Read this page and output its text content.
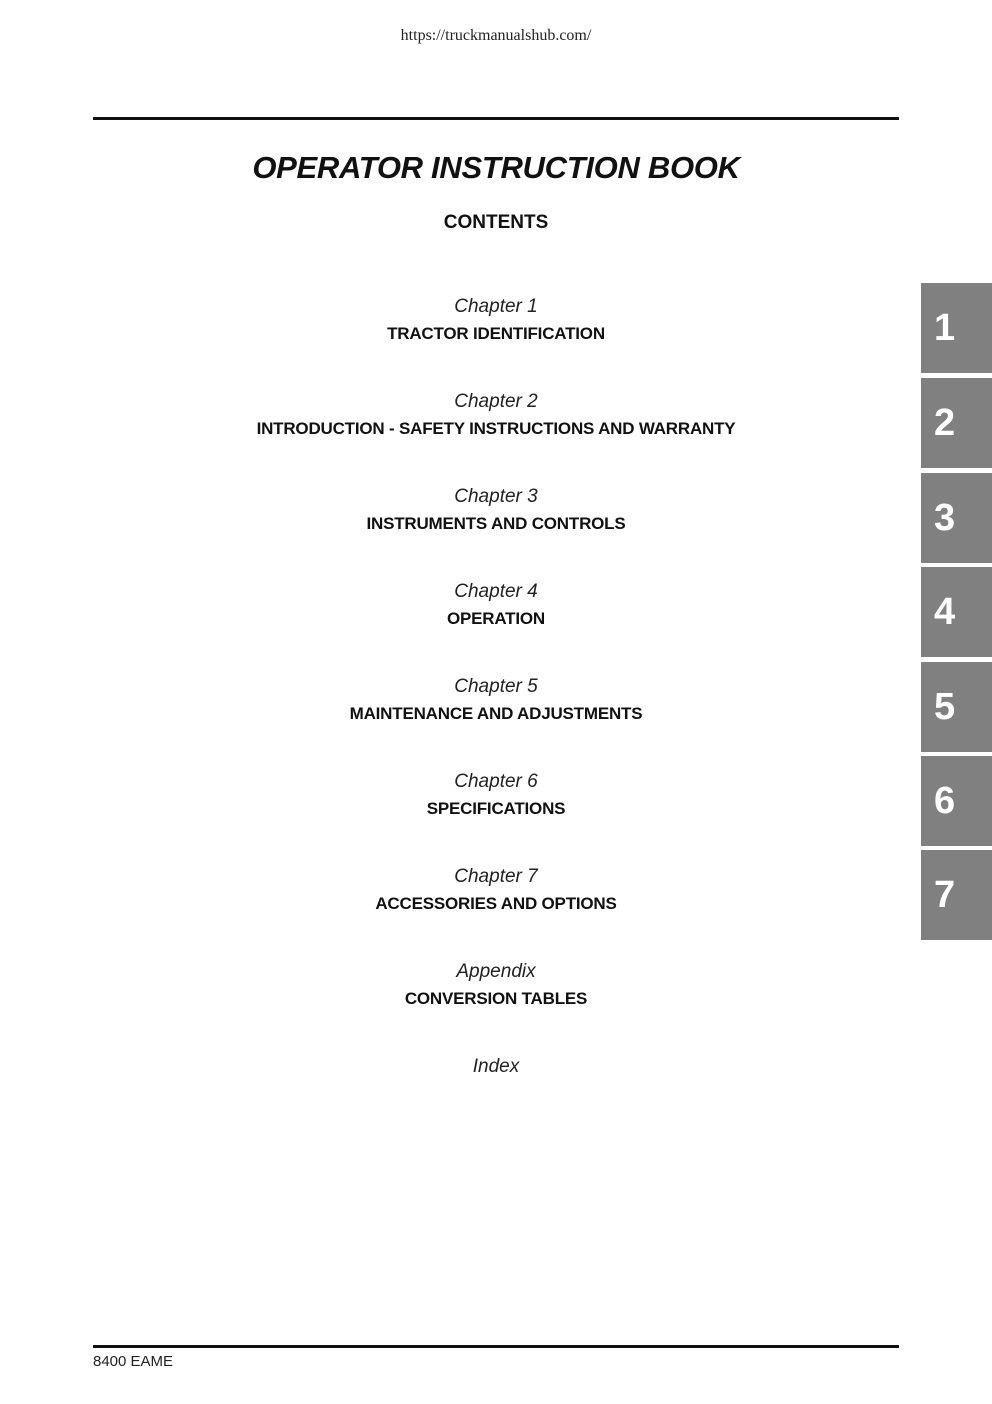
https://truckmanualshub.com/
OPERATOR INSTRUCTION BOOK
CONTENTS
Chapter 1
TRACTOR IDENTIFICATION
Chapter 2
INTRODUCTION - SAFETY INSTRUCTIONS AND WARRANTY
Chapter 3
INSTRUMENTS AND CONTROLS
Chapter 4
OPERATION
Chapter 5
MAINTENANCE AND ADJUSTMENTS
Chapter 6
SPECIFICATIONS
Chapter 7
ACCESSORIES AND OPTIONS
Appendix
CONVERSION TABLES
Index
1
2
3
4
5
6
7
8400 EAME
